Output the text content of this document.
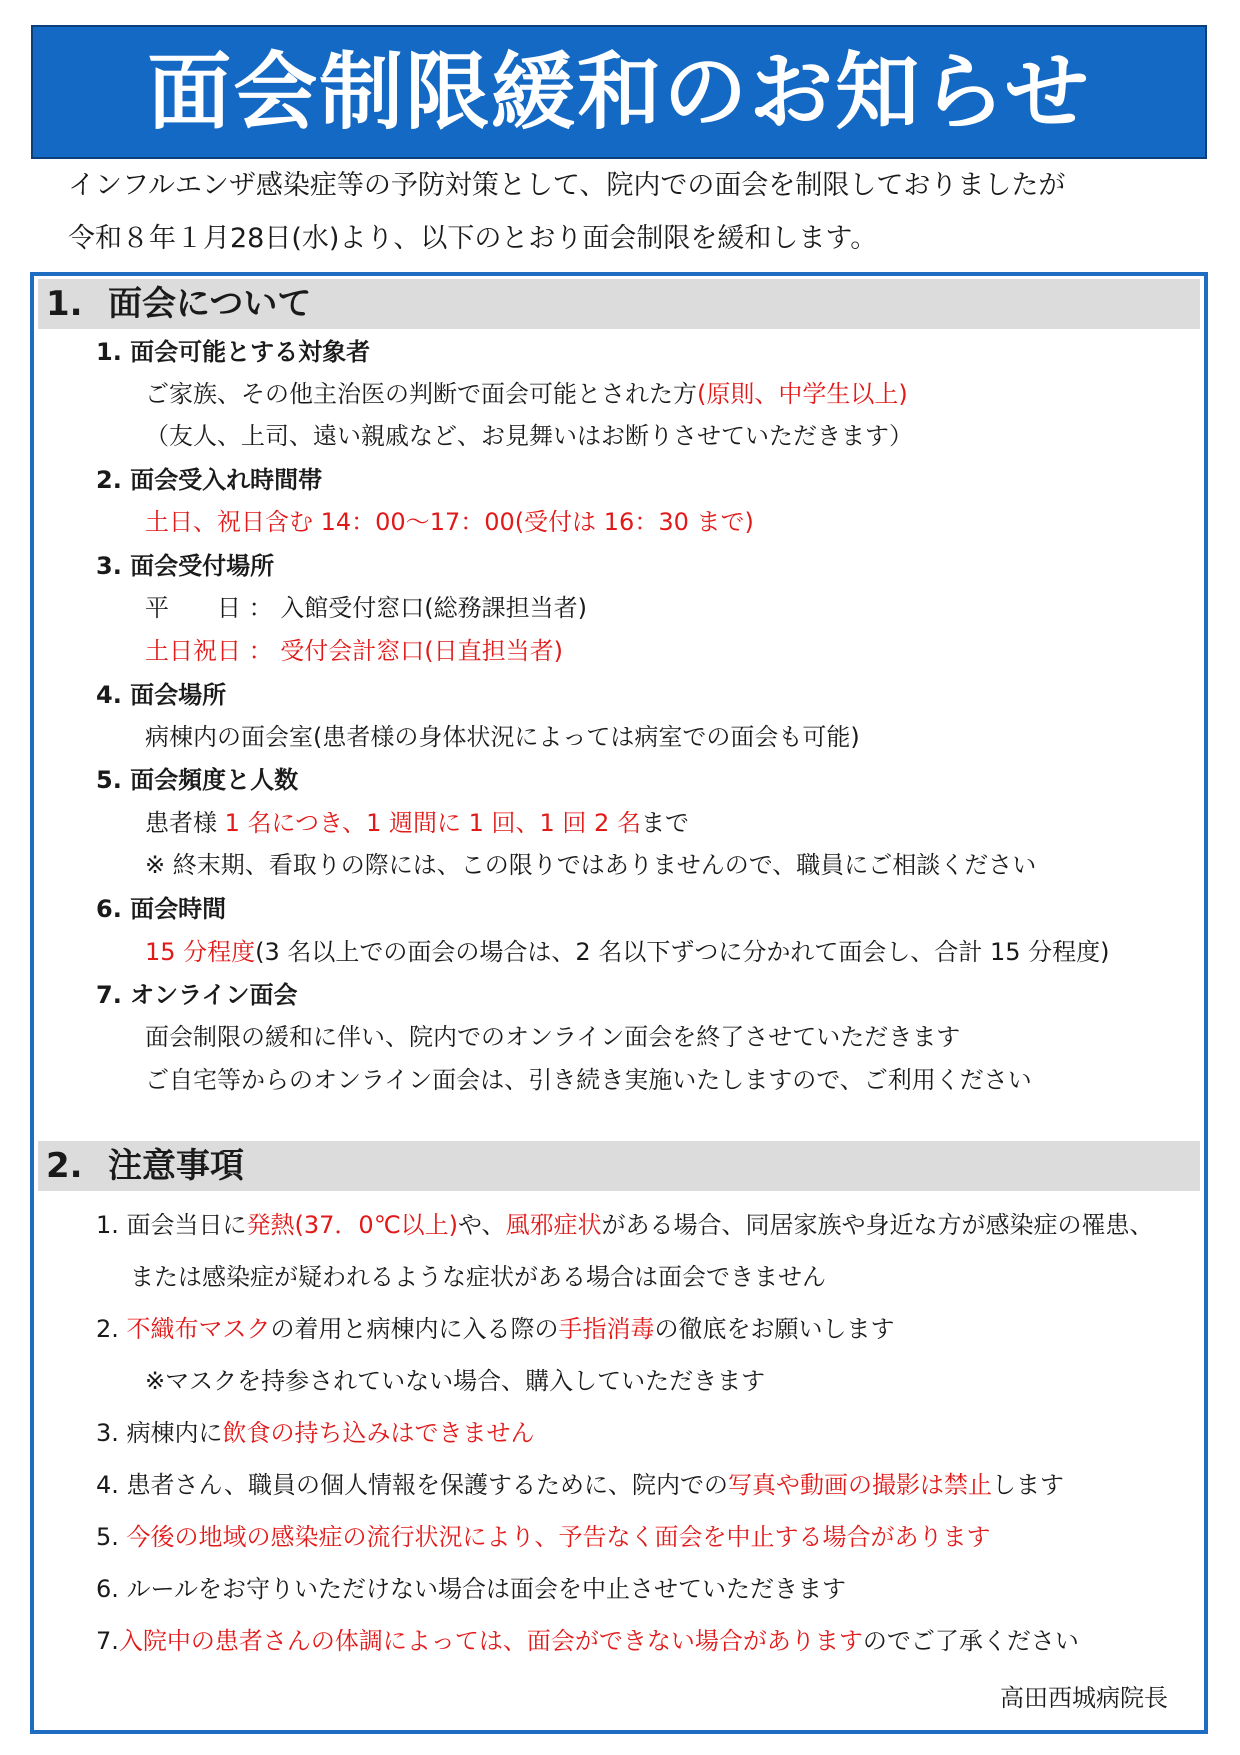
面会制限緩和のお知らせ
インフルエンザ感染症等の予防対策として、院内での面会を制限しておりましたが
令和８年１月28日(水)より、以下のとおり面会制限を緩和します。
1. 面会について
1. 面会可能とする対象者
ご家族、その他主治医の判断で面会可能とされた方(原則、中学生以上)
（友人、上司、遠い親戚など、お見舞いはお断りさせていただきます）
2. 面会受入れ時間帯
土日、祝日含む 14：00～17：00(受付は 16：30 まで)
3. 面会受付場所
平　　日 ： 入館受付窓口(総務課担当者)
土日祝日 ： 受付会計窓口(日直担当者)
4. 面会場所
病棟内の面会室(患者様の身体状況によっては病室での面会も可能)
5. 面会頻度と人数
患者様 1 名につき、1 週間に 1 回、1 回 2 名まで
※ 終末期、看取りの際には、この限りではありませんので、職員にご相談ください
6. 面会時間
15 分程度(3 名以上での面会の場合は、2 名以下ずつに分かれて面会し、合計 15 分程度)
7. オンライン面会
面会制限の緩和に伴い、院内でのオンライン面会を終了させていただきます
ご自宅等からのオンライン面会は、引き続き実施いたしますので、ご利用ください
2. 注意事項
1. 面会当日に発熱(37．0℃以上)や、風邪症状がある場合、同居家族や身近な方が感染症の罹患、
または感染症が疑われるような症状がある場合は面会できません
2. 不織布マスクの着用と病棟内に入る際の手指消毒の徹底をお願いします
※マスクを持参されていない場合、購入していただきます
3. 病棟内に飲食の持ち込みはできません
4. 患者さん、職員の個人情報を保護するために、院内での写真や動画の撮影は禁止します
5. 今後の地域の感染症の流行状況により、予告なく面会を中止する場合があります
6. ルールをお守りいただけない場合は面会を中止させていただきます
7.入院中の患者さんの体調によっては、面会ができない場合がありますのでご了承ください
高田西城病院長
